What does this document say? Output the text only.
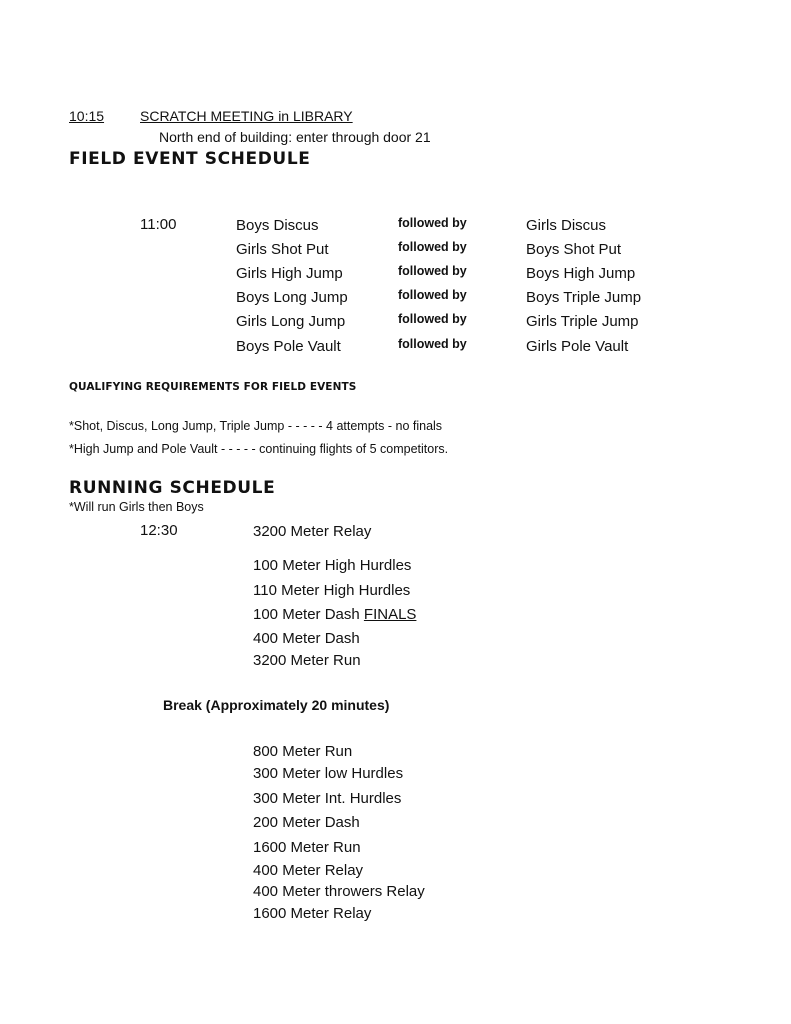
10:15	SCRATCH MEETING in LIBRARY
North end of building: enter through door 21
FIELD EVENT SCHEDULE
11:00	Boys Discus	followed by	Girls Discus
Girls Shot Put	followed by	Boys Shot Put
Girls High Jump	followed by	Boys High Jump
Boys Long Jump	followed by	Boys Triple Jump
Girls Long Jump	followed by	Girls Triple Jump
Boys Pole Vault	followed by	Girls Pole Vault
QUALIFYING REQUIREMENTS FOR FIELD EVENTS
*Shot, Discus, Long Jump, Triple Jump - - - - - 4 attempts - no finals
*High Jump and Pole Vault - - - - - continuing flights of 5 competitors.
RUNNING SCHEDULE
*Will run Girls then Boys
12:30	3200 Meter Relay
100 Meter High Hurdles
110 Meter High Hurdles
100 Meter Dash FINALS
400 Meter Dash
3200 Meter Run
Break (Approximately 20 minutes)
800 Meter Run
300 Meter low Hurdles
300 Meter Int. Hurdles
200 Meter Dash
1600 Meter Run
400 Meter Relay
400 Meter throwers Relay
1600 Meter Relay
